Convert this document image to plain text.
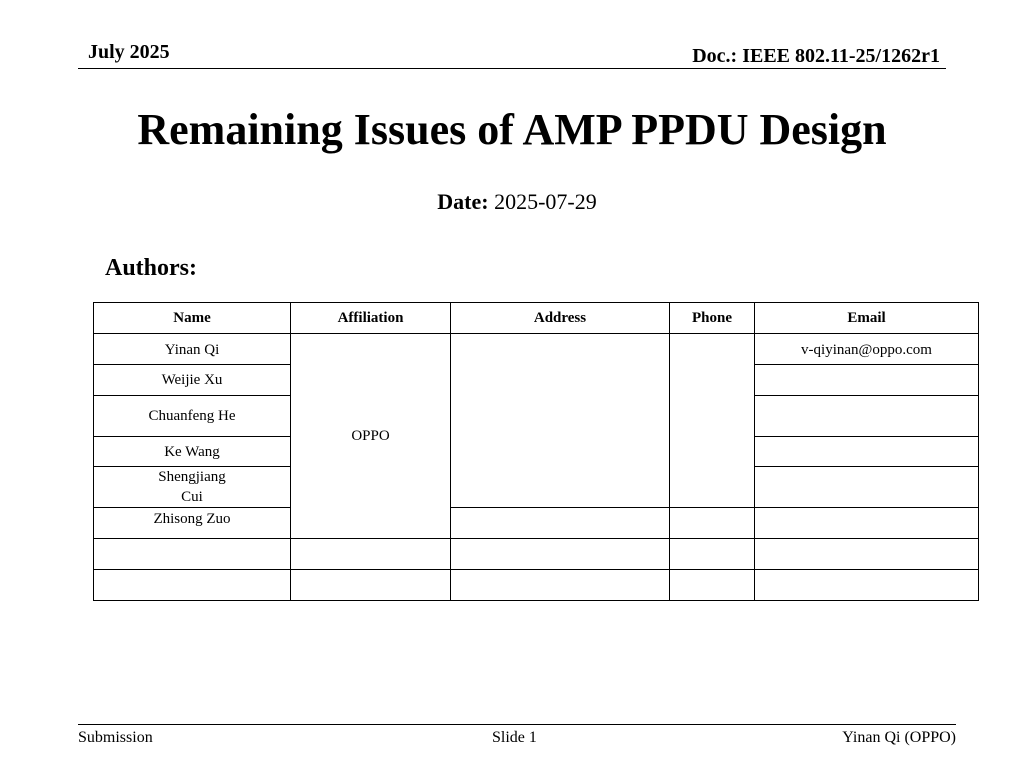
July 2025	Doc.: IEEE 802.11-25/1262r1
Remaining Issues of AMP PPDU Design
Date: 2025-07-29
Authors:
Name	Affiliation	Address	Phone	Email
Yinan Qi	OPPO			v-qiyinan@oppo.com
Weijie Xu				

Chuanfeng He				

Ke Wang				

Shengjiang Cui				

Zhisong Zuo				

Submission	Slide 1	Yinan Qi (OPPO)
